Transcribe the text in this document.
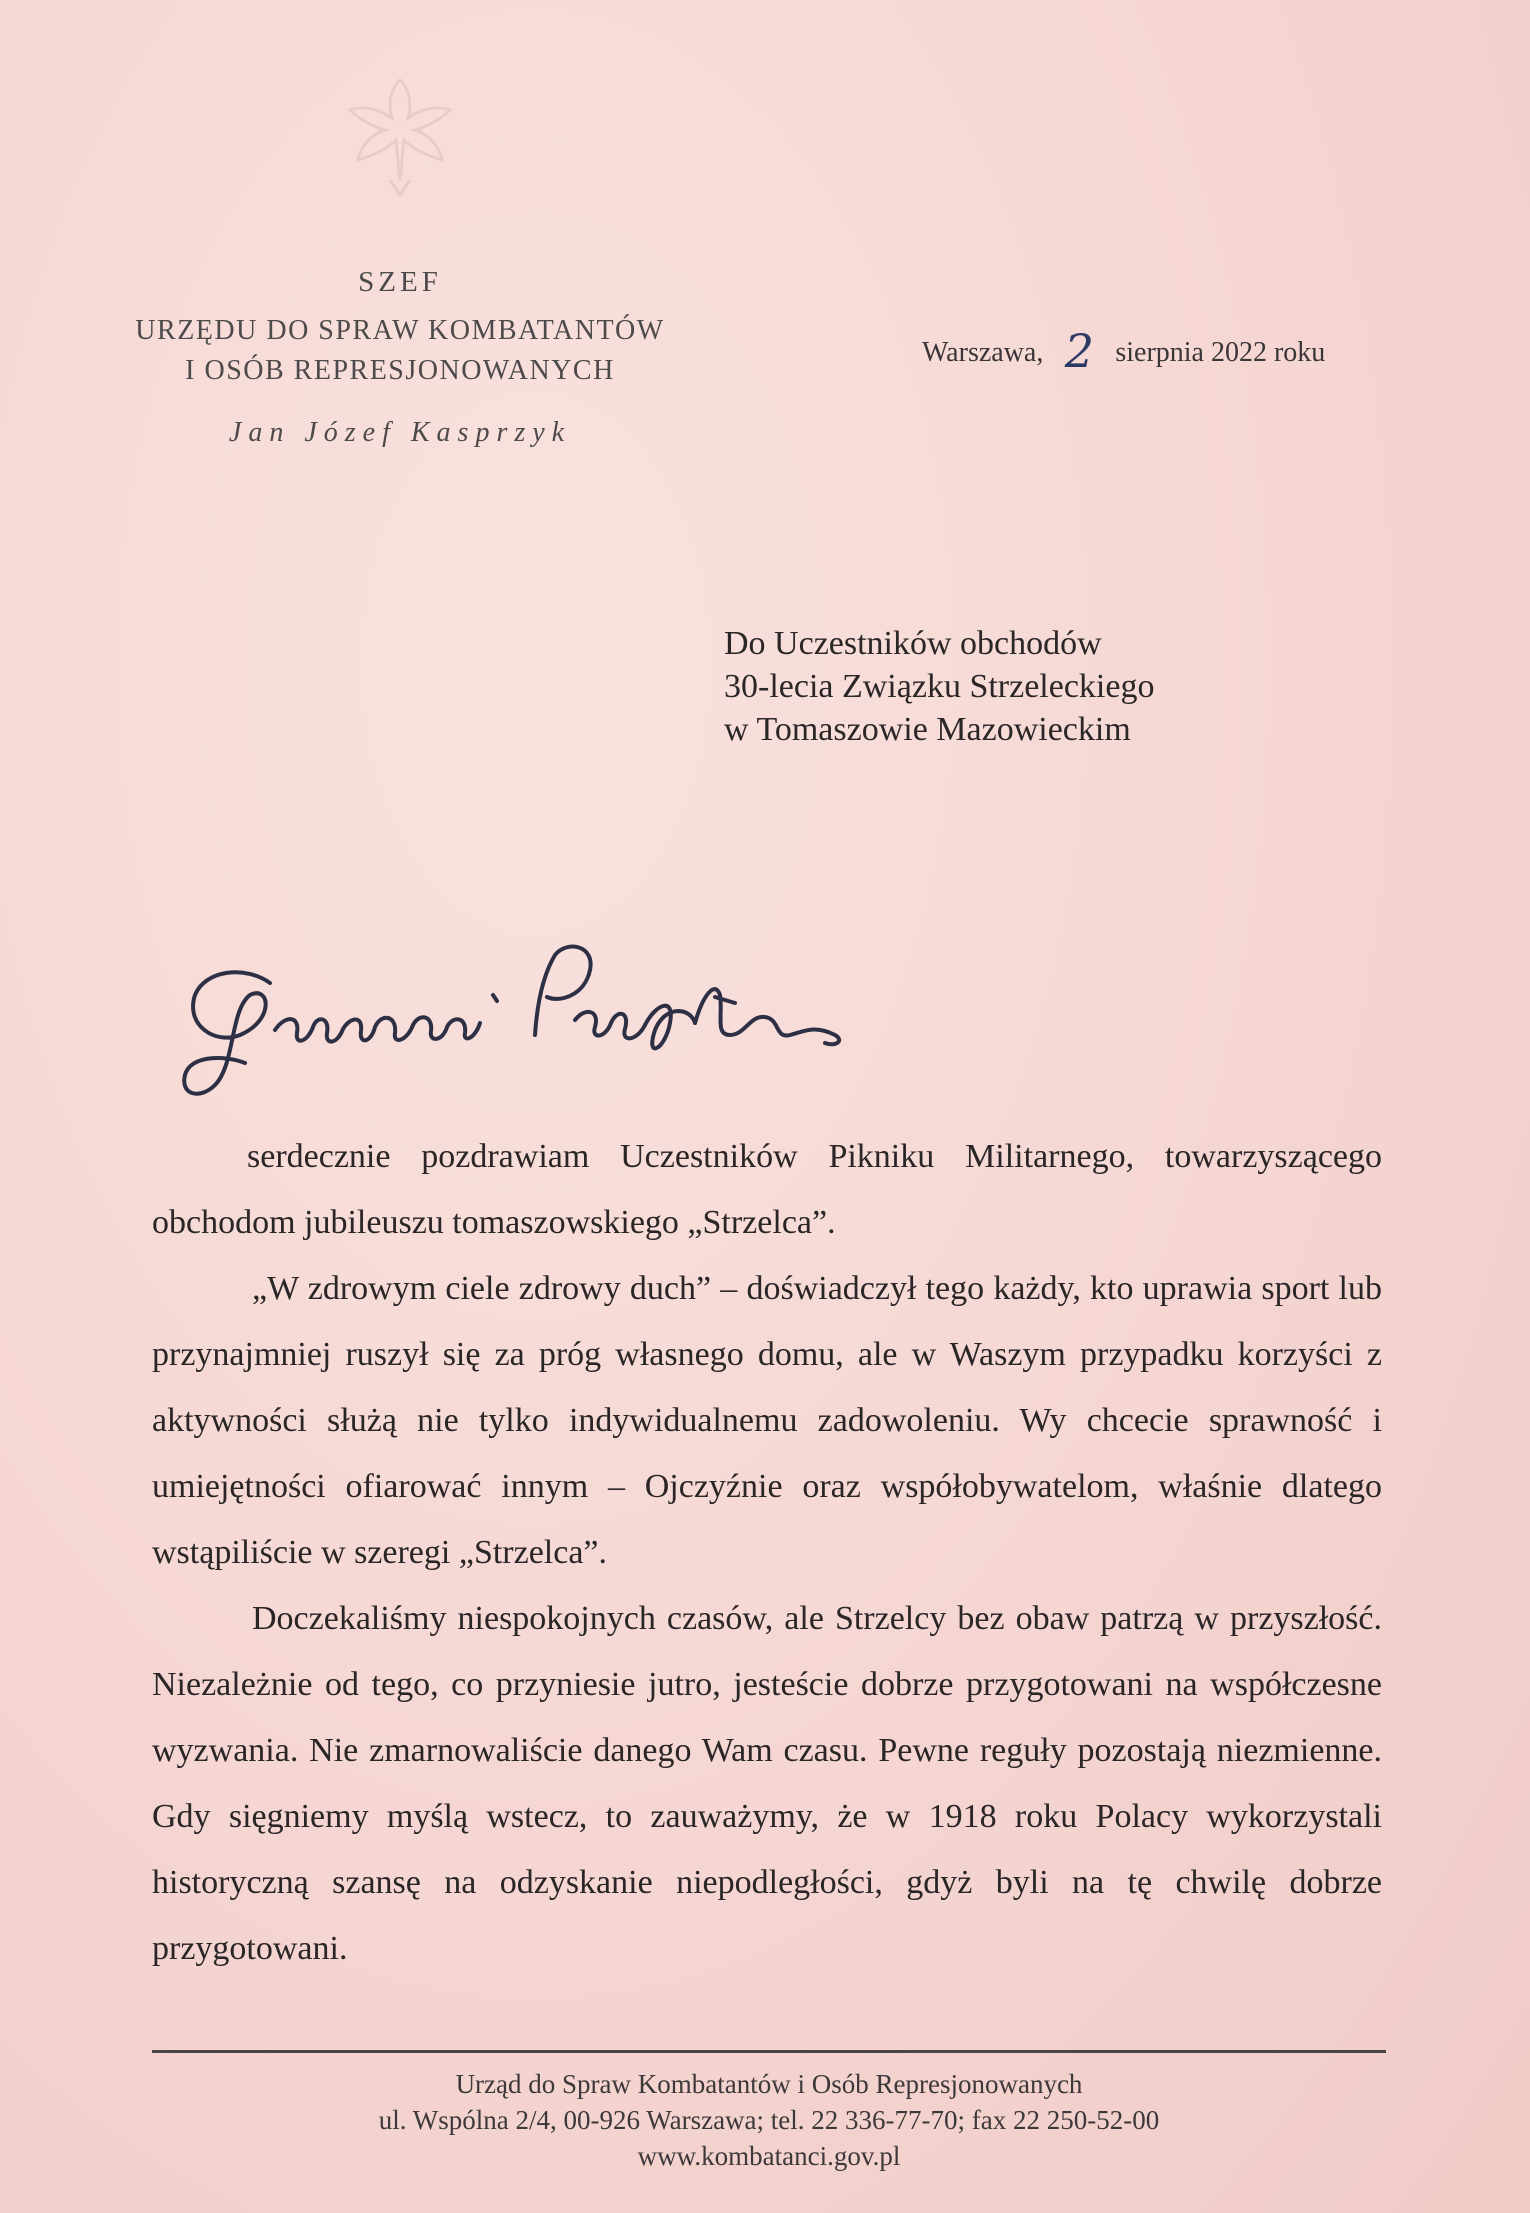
SZEF
URZĘDU DO SPRAW KOMBATANTÓW
I OSÓB REPRESJONOWANYCH
Jan Józef Kasprzyk
Warszawa, 2 sierpnia 2022 roku
Do Uczestników obchodów
30-lecia Związku Strzeleckiego
w Tomaszowie Mazowieckim

serdecznie pozdrawiam Uczestników Pikniku Militarnego, towarzyszącego obchodom jubileuszu tomaszowskiego „Strzelca”.

„W zdrowym ciele zdrowy duch” – doświadczył tego każdy, kto uprawia sport lub przynajmniej ruszył się za próg własnego domu, ale w Waszym przypadku korzyści z aktywności służą nie tylko indywidualnemu zadowoleniu. Wy chcecie sprawność i umiejętności ofiarować innym – Ojczyźnie oraz współobywatelom, właśnie dlatego wstąpiliście w szeregi „Strzelca”.

Doczekaliśmy niespokojnych czasów, ale Strzelcy bez obaw patrzą w przyszłość. Niezależnie od tego, co przyniesie jutro, jesteście dobrze przygotowani na współczesne wyzwania. Nie zmarnowaliście danego Wam czasu. Pewne reguły pozostają niezmienne. Gdy sięgniemy myślą wstecz, to zauważymy, że w 1918 roku Polacy wykorzystali historyczną szansę na odzyskanie niepodległości, gdyż byli na tę chwilę dobrze przygotowani.

Urząd do Spraw Kombatantów i Osób Represjonowanych
ul. Wspólna 2/4, 00-926 Warszawa; tel. 22 336-77-70; fax 22 250-52-00
www.kombatanci.gov.pl
